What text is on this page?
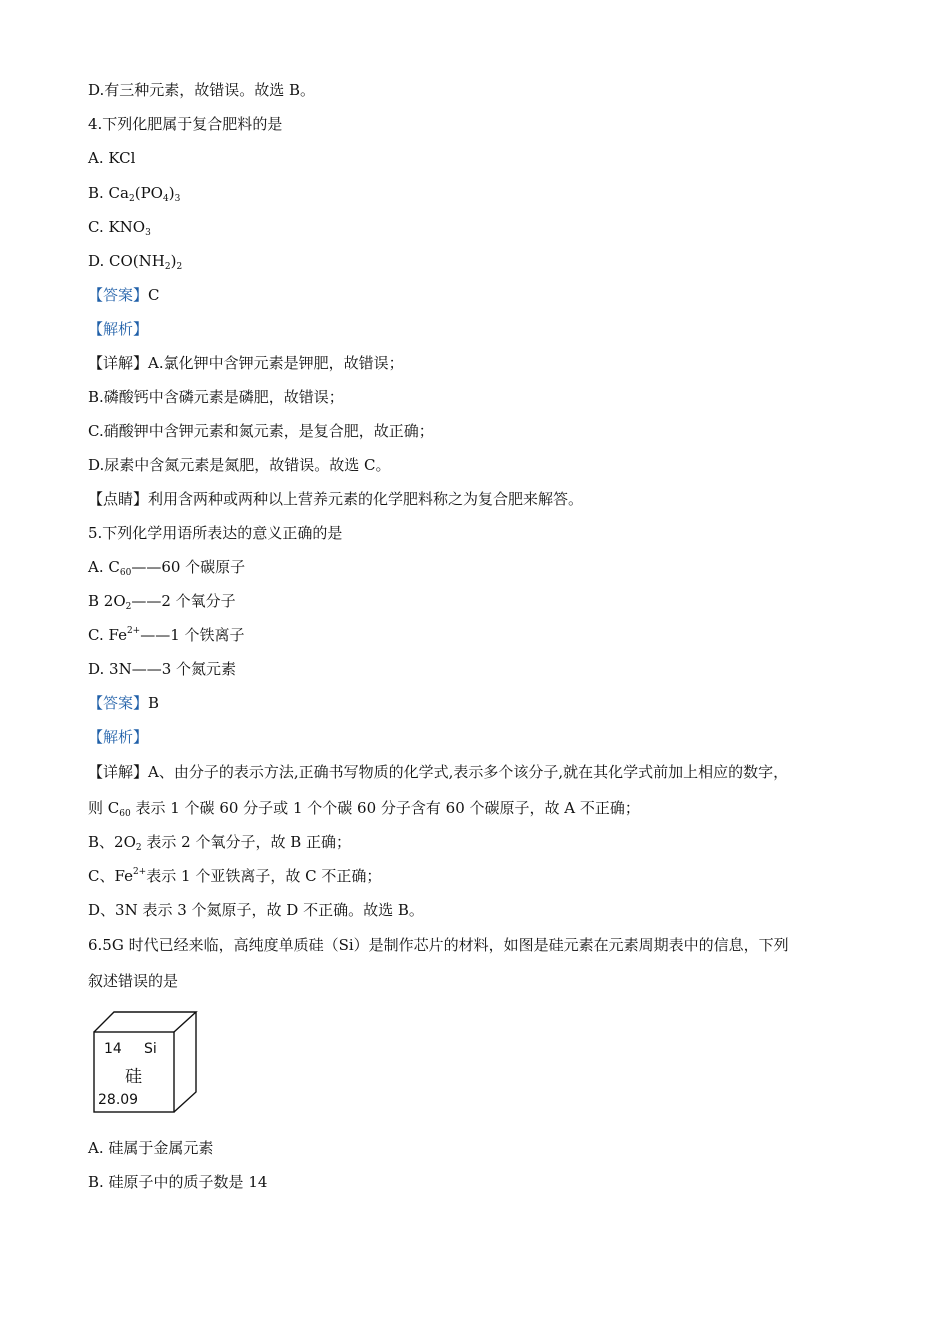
D.有三种元素，故错误。故选 B。
4.下列化肥属于复合肥料的是
A. KCl
B. $Ca_2(PO_4)_3$
C. $KNO_3$
D. $CO(NH_2)_2$
【答案】C
【解析】
【详解】A.氯化钾中含钾元素是钾肥，故错误；
B.磷酸钙中含磷元素是磷肥，故错误；
C.硝酸钾中含钾元素和氮元素，是复合肥，故正确；
D.尿素中含氮元素是氮肥，故错误。故选 C。
【点睛】利用含两种或两种以上营养元素的化学肥料称之为复合肥来解答。
5.下列化学用语所表达的意义正确的是
A. $C_{60}——60$ 个碳原子
B $2O_2——2$ 个氧分子
C. $Fe^{2+}——1$ 个铁离子
D. 3N——3 个氮元素
【答案】B
【解析】
【详解】A、由分子的表示方法,正确书写物质的化学式,表示多个该分子,就在其化学式前加上相应的数字，
则 $C_{60}$ 表示 1 个碳 60 分子或 1 个个碳 60 分子含有 60 个碳原子，故 A 不正确；
B、$2O_2$ 表示 2 个氧分子，故 B 正确；
C、$Fe^{2+}$表示 1 个亚铁离子，故 C 不正确；
D、3N 表示 3 个氮原子，故 D 不正确。故选 B。
6.5G 时代已经来临，高纯度单质硅（Si）是制作芯片的材料，如图是硅元素在元素周期表中的信息，下列
叙述错误的是
14 Si
硅
28.09
A. 硅属于金属元素
B. 硅原子中的质子数是 14
